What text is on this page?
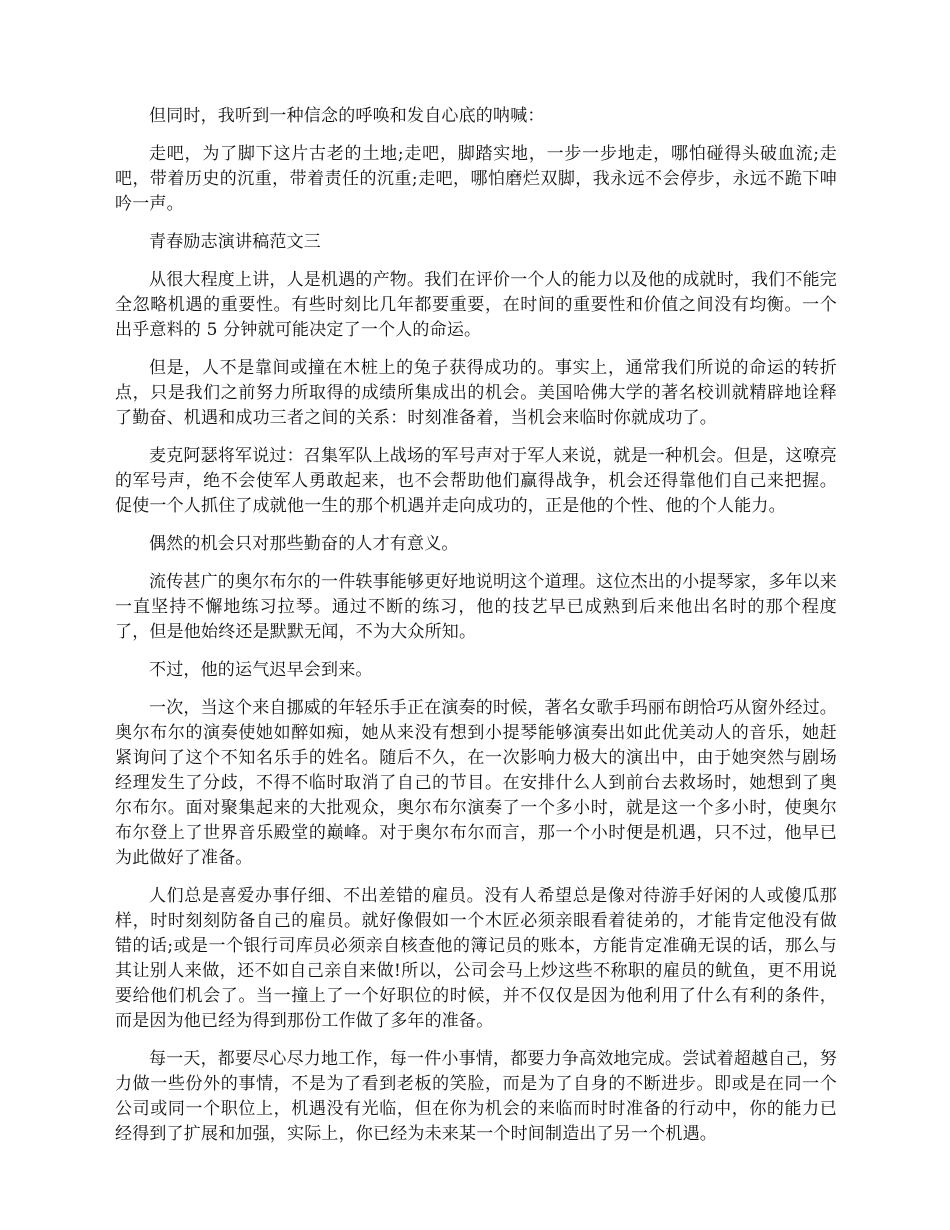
但同时，我听到一种信念的呼唤和发自心底的呐喊：

走吧，为了脚下这片古老的土地;走吧，脚踏实地，一步一步地走，哪怕碰得头破血流;走吧，带着历史的沉重，带着责任的沉重;走吧，哪怕磨烂双脚，我永远不会停步，永远不跪下呻吟一声。

青春励志演讲稿范文三

从很大程度上讲，人是机遇的产物。我们在评价一个人的能力以及他的成就时，我们不能完全忽略机遇的重要性。有些时刻比几年都要重要，在时间的重要性和价值之间没有均衡。一个出乎意料的 5 分钟就可能决定了一个人的命运。

但是，人不是靠间或撞在木桩上的兔子获得成功的。事实上，通常我们所说的命运的转折点，只是我们之前努力所取得的成绩所集成出的机会。美国哈佛大学的著名校训就精辟地诠释了勤奋、机遇和成功三者之间的关系：时刻准备着，当机会来临时你就成功了。

麦克阿瑟将军说过：召集军队上战场的军号声对于军人来说，就是一种机会。但是，这嘹亮的军号声，绝不会使军人勇敢起来，也不会帮助他们赢得战争，机会还得靠他们自己来把握。促使一个人抓住了成就他一生的那个机遇并走向成功的，正是他的个性、他的个人能力。

偶然的机会只对那些勤奋的人才有意义。

流传甚广的奥尔布尔的一件轶事能够更好地说明这个道理。这位杰出的小提琴家，多年以来一直坚持不懈地练习拉琴。通过不断的练习，他的技艺早已成熟到后来他出名时的那个程度了，但是他始终还是默默无闻，不为大众所知。

不过，他的运气迟早会到来。

一次，当这个来自挪威的年轻乐手正在演奏的时候，著名女歌手玛丽布朗恰巧从窗外经过。奥尔布尔的演奏使她如醉如痴，她从来没有想到小提琴能够演奏出如此优美动人的音乐，她赶紧询问了这个不知名乐手的姓名。随后不久，在一次影响力极大的演出中，由于她突然与剧场经理发生了分歧，不得不临时取消了自己的节目。在安排什么人到前台去救场时，她想到了奥尔布尔。面对聚集起来的大批观众，奥尔布尔演奏了一个多小时，就是这一个多小时，使奥尔布尔登上了世界音乐殿堂的巅峰。对于奥尔布尔而言，那一个小时便是机遇，只不过，他早已为此做好了准备。

人们总是喜爱办事仔细、不出差错的雇员。没有人希望总是像对待游手好闲的人或傻瓜那样，时时刻刻防备自己的雇员。就好像假如一个木匠必须亲眼看着徒弟的，才能肯定他没有做错的话;或是一个银行司库员必须亲自核查他的簿记员的账本，方能肯定准确无误的话，那么与其让别人来做，还不如自己亲自来做!所以，公司会马上炒这些不称职的雇员的鱿鱼，更不用说要给他们机会了。当一撞上了一个好职位的时候，并不仅仅是因为他利用了什么有利的条件，而是因为他已经为得到那份工作做了多年的准备。

每一天，都要尽心尽力地工作，每一件小事情，都要力争高效地完成。尝试着超越自己，努力做一些份外的事情，不是为了看到老板的笑脸，而是为了自身的不断进步。即或是在同一个公司或同一个职位上，机遇没有光临，但在你为机会的来临而时时准备的行动中，你的能力已经得到了扩展和加强，实际上，你已经为未来某一个时间制造出了另一个机遇。
